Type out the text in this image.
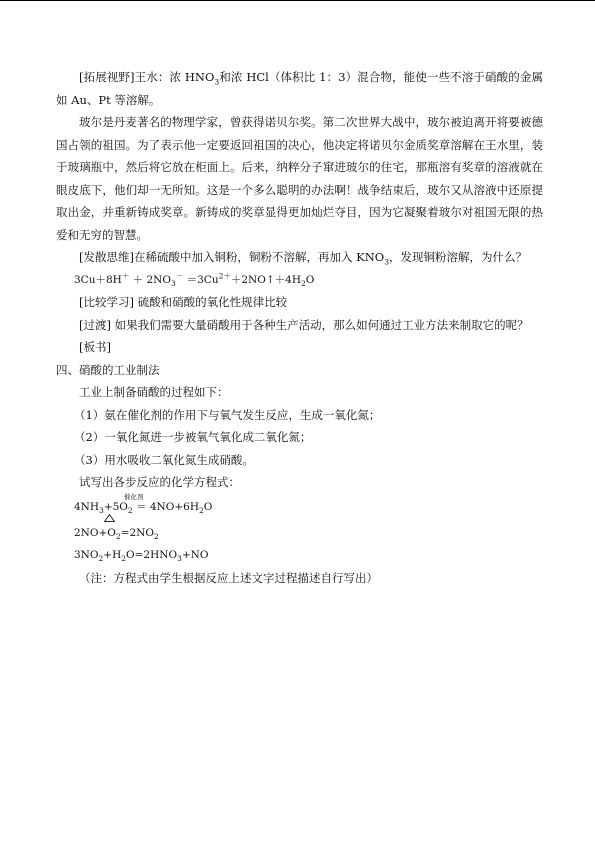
[拓展视野]王水：浓 $HNO_3$和浓 HCl（体积比 1：3）混合物，能使一些不溶于硝酸的金属如 Au、Pt 等溶解。

玻尔是丹麦著名的物理学家，曾获得诺贝尔奖。第二次世界大战中，玻尔被迫离开将要被德国占领的祖国。为了表示他一定要返回祖国的决心，他决定将诺贝尔金质奖章溶解在王水里，装于玻璃瓶中，然后将它放在柜面上。后来，纳粹分子窜进玻尔的住宅，那瓶溶有奖章的溶液就在眼皮底下，他们却一无所知。这是一个多么聪明的办法啊！战争结束后，玻尔又从溶液中还原提取出金，并重新铸成奖章。新铸成的奖章显得更加灿烂夺目，因为它凝聚着玻尔对祖国无限的热爱和无穷的智慧。

[发散思维]在稀硫酸中加入铜粉，铜粉不溶解，再加入 $KNO_3$，发现铜粉溶解，为什么？

$3Cu+8H^+ + 2NO_3^-$ $=3Cu^{2+}+2NO↑+4H_2O$

[比较学习] 硫酸和硝酸的氧化性规律比较

[过渡] 如果我们需要大量硝酸用于各种生产活动，那么如何通过工业方法来制取它的呢？

[板书]

四、硝酸的工业制法

工业上制备硝酸的过程如下：

（1）氨在催化剂的作用下与氧气发生反应，生成一氧化氮；

（2）一氧化氮进一步被氧气氧化成二氧化氮；

（3）用水吸收二氧化氮生成硝酸。

试写出各步反应的化学方程式：

催化剂
$4NH_3+5O_2 = 4NO+6H_2O$

$2NO+O_2=2NO_2$

$3NO_2+H_2O=2HNO_3+NO$

（注：方程式由学生根据反应上述文字过程描述自行写出）
